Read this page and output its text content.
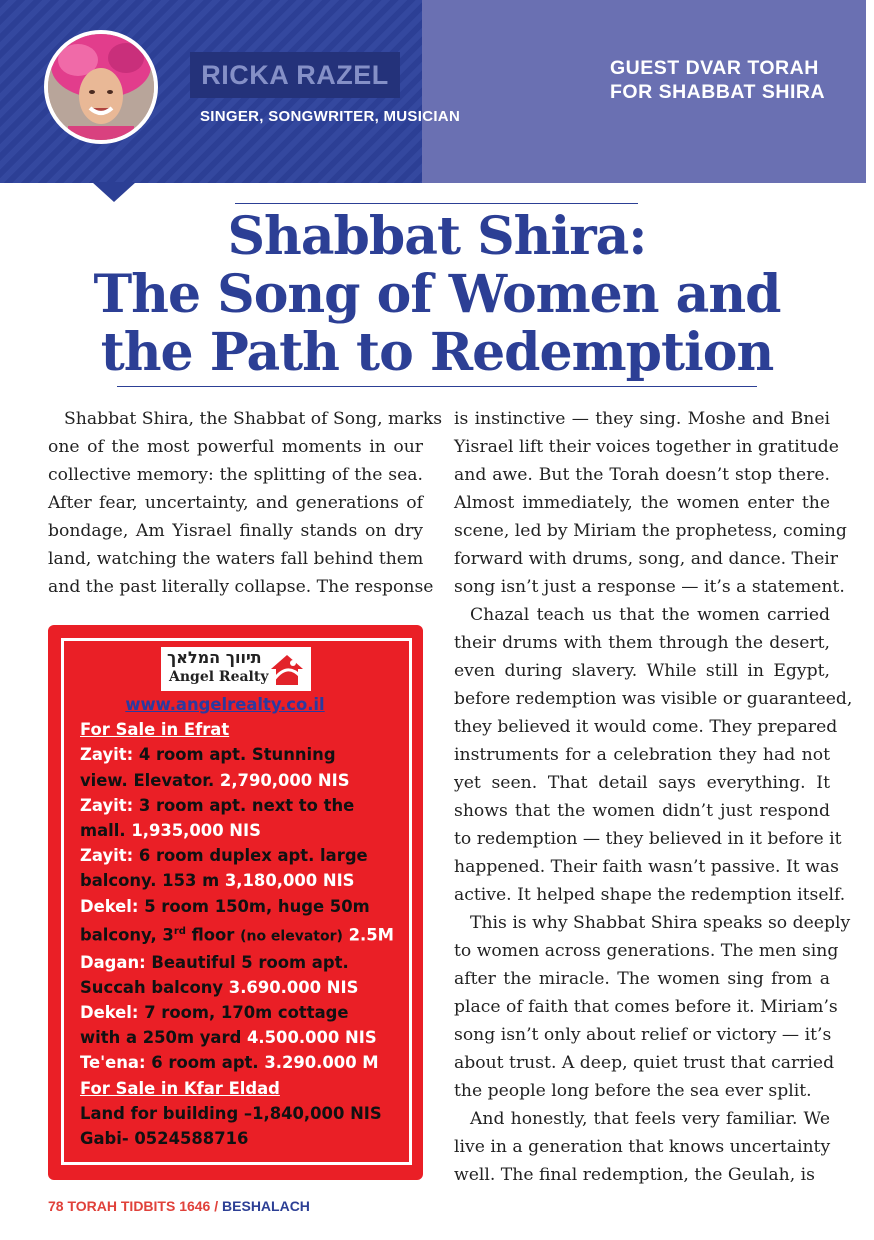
RICKA RAZEL
SINGER, SONGWRITER, MUSICIAN
GUEST DVAR TORAH
FOR SHABBAT SHIRA
Shabbat Shira:
The Song of Women and
the Path to Redemption
Shabbat Shira, the Shabbat of Song, marks
one of the most powerful moments in our
collective memory: the splitting of the sea.
After fear, uncertainty, and generations of
bondage, Am Yisrael finally stands on dry
land, watching the waters fall behind them
and the past literally collapse. The response
is instinctive — they sing. Moshe and Bnei
Yisrael lift their voices together in gratitude
and awe. But the Torah doesn’t stop there.
Almost immediately, the women enter the
scene, led by Miriam the prophetess, coming
forward with drums, song, and dance. Their
song isn’t just a response — it’s a statement.
Chazal teach us that the women carried
their drums with them through the desert,
even during slavery. While still in Egypt,
before redemption was visible or guaranteed,
they believed it would come. They prepared
instruments for a celebration they had not
yet seen. That detail says everything. It
shows that the women didn’t just respond
to redemption — they believed in it before it
happened. Their faith wasn’t passive. It was
active. It helped shape the redemption itself.
This is why Shabbat Shira speaks so deeply
to women across generations. The men sing
after the miracle. The women sing from a
place of faith that comes before it. Miriam’s
song isn’t only about relief or victory — it’s
about trust. A deep, quiet trust that carried
the people long before the sea ever split.
And honestly, that feels very familiar. We
live in a generation that knows uncertainty
well. The final redemption, the Geulah, is
תיווך המלאך
Angel Realty
www.angelrealty.co.il
For Sale in Efrat
Zayit: 4 room apt. Stunning
view. Elevator. 2,790,000 NIS
Zayit: 3 room apt. next to the
mall. 1,935,000 NIS
Zayit: 6 room duplex apt. large
balcony. 153 m 3,180,000 NIS
Dekel: 5 room 150m, huge 50m
balcony, 3rd floor (no elevator) 2.5M
Dagan: Beautiful 5 room apt.
Succah balcony 3.690.000 NIS
Dekel: 7 room, 170m cottage
with a 250m yard 4.500.000 NIS
Te'ena: 6 room apt. 3.290.000 M
For Sale in Kfar Eldad
Land for building –1,840,000 NIS
Gabi- 0524588716
78 TORAH TIDBITS 1646 / BESHALACH
